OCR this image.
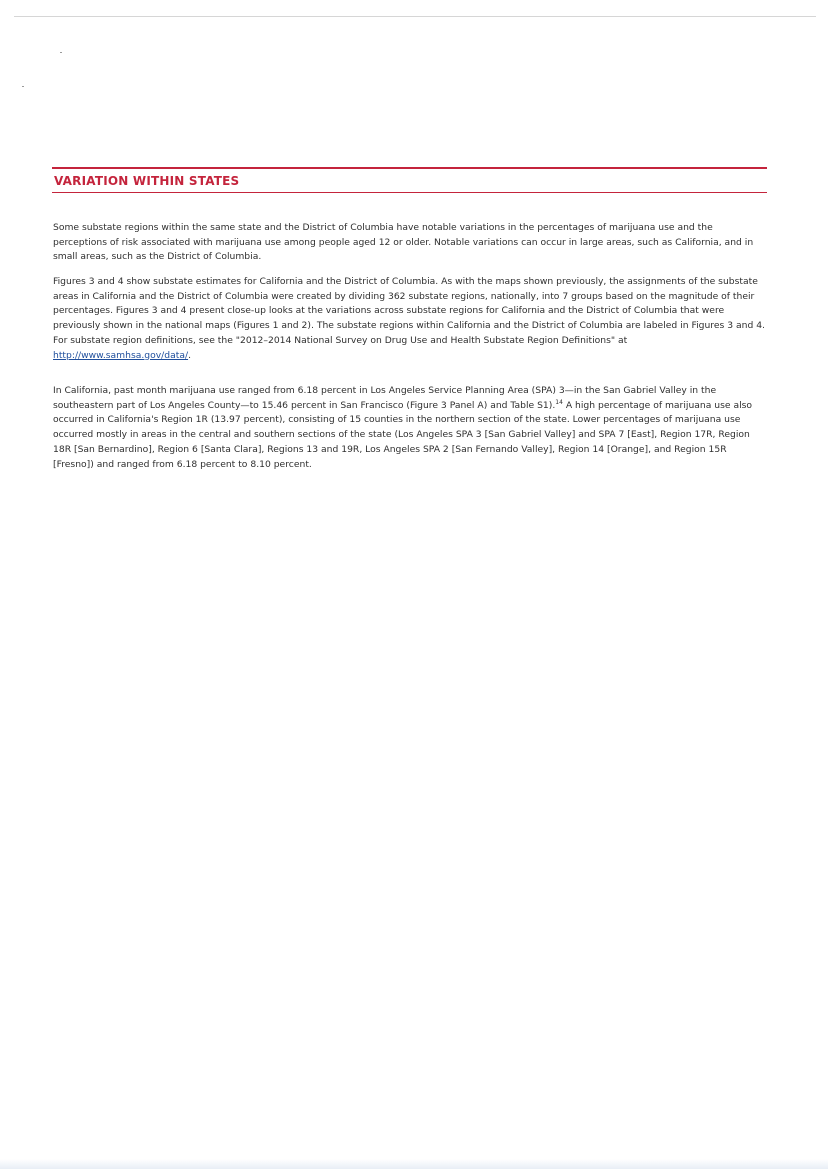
VARIATION WITHIN STATES

Some substate regions within the same state and the District of Columbia have notable variations in the percentages of marijuana use and the perceptions of risk associated with marijuana use among people aged 12 or older. Notable variations can occur in large areas, such as California, and in small areas, such as the District of Columbia.

Figures 3 and 4 show substate estimates for California and the District of Columbia. As with the maps shown previously, the assignments of the substate areas in California and the District of Columbia were created by dividing 362 substate regions, nationally, into 7 groups based on the magnitude of their percentages. Figures 3 and 4 present close-up looks at the variations across substate regions for California and the District of Columbia that were previously shown in the national maps (Figures 1 and 2). The substate regions within California and the District of Columbia are labeled in Figures 3 and 4. For substate region definitions, see the "2012–2014 National Survey on Drug Use and Health Substate Region Definitions" at http://www.samhsa.gov/data/.

In California, past month marijuana use ranged from 6.18 percent in Los Angeles Service Planning Area (SPA) 3—in the San Gabriel Valley in the southeastern part of Los Angeles County—to 15.46 percent in San Francisco (Figure 3 Panel A) and Table S1).$^{14}$ A high percentage of marijuana use also occurred in California's Region 1R (13.97 percent), consisting of 15 counties in the northern section of the state. Lower percentages of marijuana use occurred mostly in areas in the central and southern sections of the state (Los Angeles SPA 3 [San Gabriel Valley] and SPA 7 [East], Region 17R, Region 18R [San Bernardino], Region 6 [Santa Clara], Regions 13 and 19R, Los Angeles SPA 2 [San Fernando Valley], Region 14 [Orange], and Region 15R [Fresno]) and ranged from 6.18 percent to 8.10 percent.
